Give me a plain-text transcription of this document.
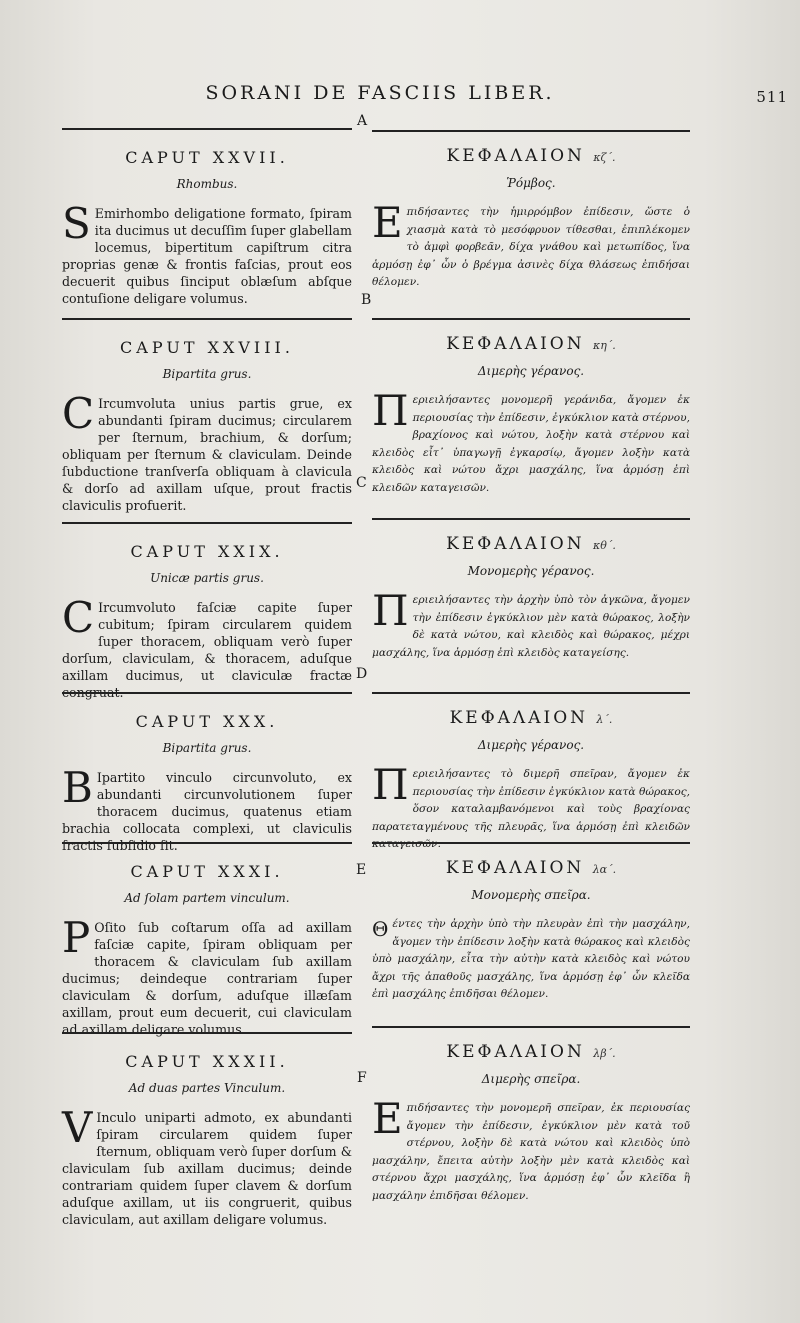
SORANI DE FASCIIS LIBER.	511
A
B
C
D
E
F
CAPUT XXVII.
Rhombus.
S Emirhombo deligatione formato, ſpiram ita ducimus ut decuſſim ſuper glabellam locemus, bipertitum capiſtrum citra proprias genæ & frontis faſcias, prout eos decuerit quibus ſinciput oblæſum abſque contuſione deligare volumus.
CAPUT XXVIII.
Bipartita grus.
C Ircumvoluta unius partis grue, ex abundanti ſpiram ducimus; circularem per ſternum, brachium, & dorſum; obliquam per ſternum & claviculam. Deinde ſubductione tranſverſa obliquam à clavicula & dorſo ad axillam uſque, prout fractis claviculis profuerit.
CAPUT XXIX.
Unicæ partis grus.
C Ircumvoluto faſciæ capite ſuper cubitum; ſpiram circularem quidem ſuper thoracem, obliquam verò ſuper dorſum, claviculam, & thoracem, aduſque axillam ducimus, ut claviculæ fractæ congruat.
CAPUT XXX.
Bipartita grus.
B Ipartito vinculo circunvoluto, ex abundanti circunvolutionem ſuper thoracem ducimus, quatenus etiam brachia collocata complexi, ut claviculis fractis ſubſidio ſit.
CAPUT XXXI.
Ad ſolam partem vinculum.
P Oſito ſub coſtarum oſſa ad axillam faſciæ capite, ſpiram obliquam per thoracem & claviculam ſub axillam ducimus; deindeque contrariam ſuper claviculam & dorſum, aduſque illæſam axillam, prout eum decuerit, cui claviculam ad axillam deligare volumus.
CAPUT XXXII.
Ad duas partes Vinculum.
V Inculo uniparti admoto, ex abundanti ſpiram circularem quidem ſuper ſternum, obliquam verò ſuper dorſum & claviculam ſub axillam ducimus; deinde contrariam quidem ſuper clavem & dorſum aduſque axillam, ut iis congruerit, quibus claviculam, aut axillam deligare volumus.
ΚΕΦΑΛΑΙΟΝ κζ΄.
Ῥόμβος.
Επιδήσαντες τὴν ἡμιρρόμβον ἐπίδεσιν, ὥστε ὁ χιασμὰ κατὰ τὸ μεσόφρυον τίθεσθαι, ἐπιπλέκομεν τὸ ἀμφὶ φορβεᾶν, δίχα γνάθου καὶ μετωπίδος, ἵνα ἁρμόσῃ ἐφ᾽ ὧν ὁ βρέγμα ἀσινὲς δίχα θλάσεως ἐπιδήσαι θέλομεν.
ΚΕΦΑΛΑΙΟΝ κη΄.
Διμερὴς γέρανος.
Περιειλήσαντες μονομερῆ γεράνιδα, ἄγομεν ἐκ περιουσίας τὴν ἐπίδεσιν, ἐγκύκλιον κατὰ στέρνου, βραχίονος καὶ νώτου, λοξὴν κατὰ στέρνου καὶ κλειδὸς εἶτ᾽ ὑπαγωγῇ ἐγκαρσίῳ, ἄγομεν λοξὴν κατὰ κλειδὸς καὶ νώτου ἄχρι μασχάλης, ἵνα ἁρμόσῃ ἐπὶ κλειδῶν καταγεισῶν.
ΚΕΦΑΛΑΙΟΝ κθ΄.
Μονομερὴς γέρανος.
Περιειλήσαντες τὴν ἀρχὴν ὑπὸ τὸν ἀγκῶνα, ἄγομεν τὴν ἐπίδεσιν ἐγκύκλιον μὲν κατὰ θώρακος, λοξὴν δὲ κατὰ νώτου, καὶ κλειδὸς καὶ θώρακος, μέχρι μασχάλης, ἵνα ἁρμόσῃ ἐπὶ κλειδὸς καταγείσης.
ΚΕΦΑΛΑΙΟΝ λ΄.
Διμερὴς γέρανος.
Περιειλήσαντες τὸ διμερῆ σπεῖραν, ἄγομεν ἐκ περιουσίας τὴν ἐπίδεσιν ἐγκύκλιον κατὰ θώρακος, ὅσον καταλαμβανόμενοι καὶ τοὺς βραχίονας παρατεταγμένους τῆς πλευρᾶς, ἵνα ἁρμόσῃ ἐπὶ κλειδῶν καταγεισῶν.
ΚΕΦΑΛΑΙΟΝ λα΄.
Μονομερὴς σπεῖρα.
Θέντες τὴν ἀρχὴν ὑπὸ τὴν πλευρὰν ἐπὶ τὴν μασχάλην, ἄγομεν τὴν ἐπίδεσιν λοξὴν κατὰ θώρακος καὶ κλειδὸς ὑπὸ μασχάλην, εἶτα τὴν αὐτὴν κατὰ κλειδὸς καὶ νώτου ἄχρι τῆς ἀπαθοῦς μασχάλης, ἵνα ἁρμόσῃ ἐφ᾽ ὧν κλεῖδα ἐπὶ μασχάλης ἐπιδῆσαι θέλομεν.
ΚΕΦΑΛΑΙΟΝ λβ΄.
Διμερὴς σπεῖρα.
Επιδήσαντες τὴν μονομερῆ σπεῖραν, ἐκ περιουσίας ἄγομεν τὴν ἐπίδεσιν, ἐγκύκλιον μὲν κατὰ τοῦ στέρνου, λοξὴν δὲ κατὰ νώτου καὶ κλειδὸς ὑπὸ μασχάλην, ἔπειτα αὐτὴν λοξὴν μὲν κατὰ κλειδὸς καὶ στέρνου ἄχρι μασχάλης, ἵνα ἁρμόσῃ ἐφ᾽ ὧν κλεῖδα ἢ μασχάλην ἐπιδῆσαι θέλομεν.
